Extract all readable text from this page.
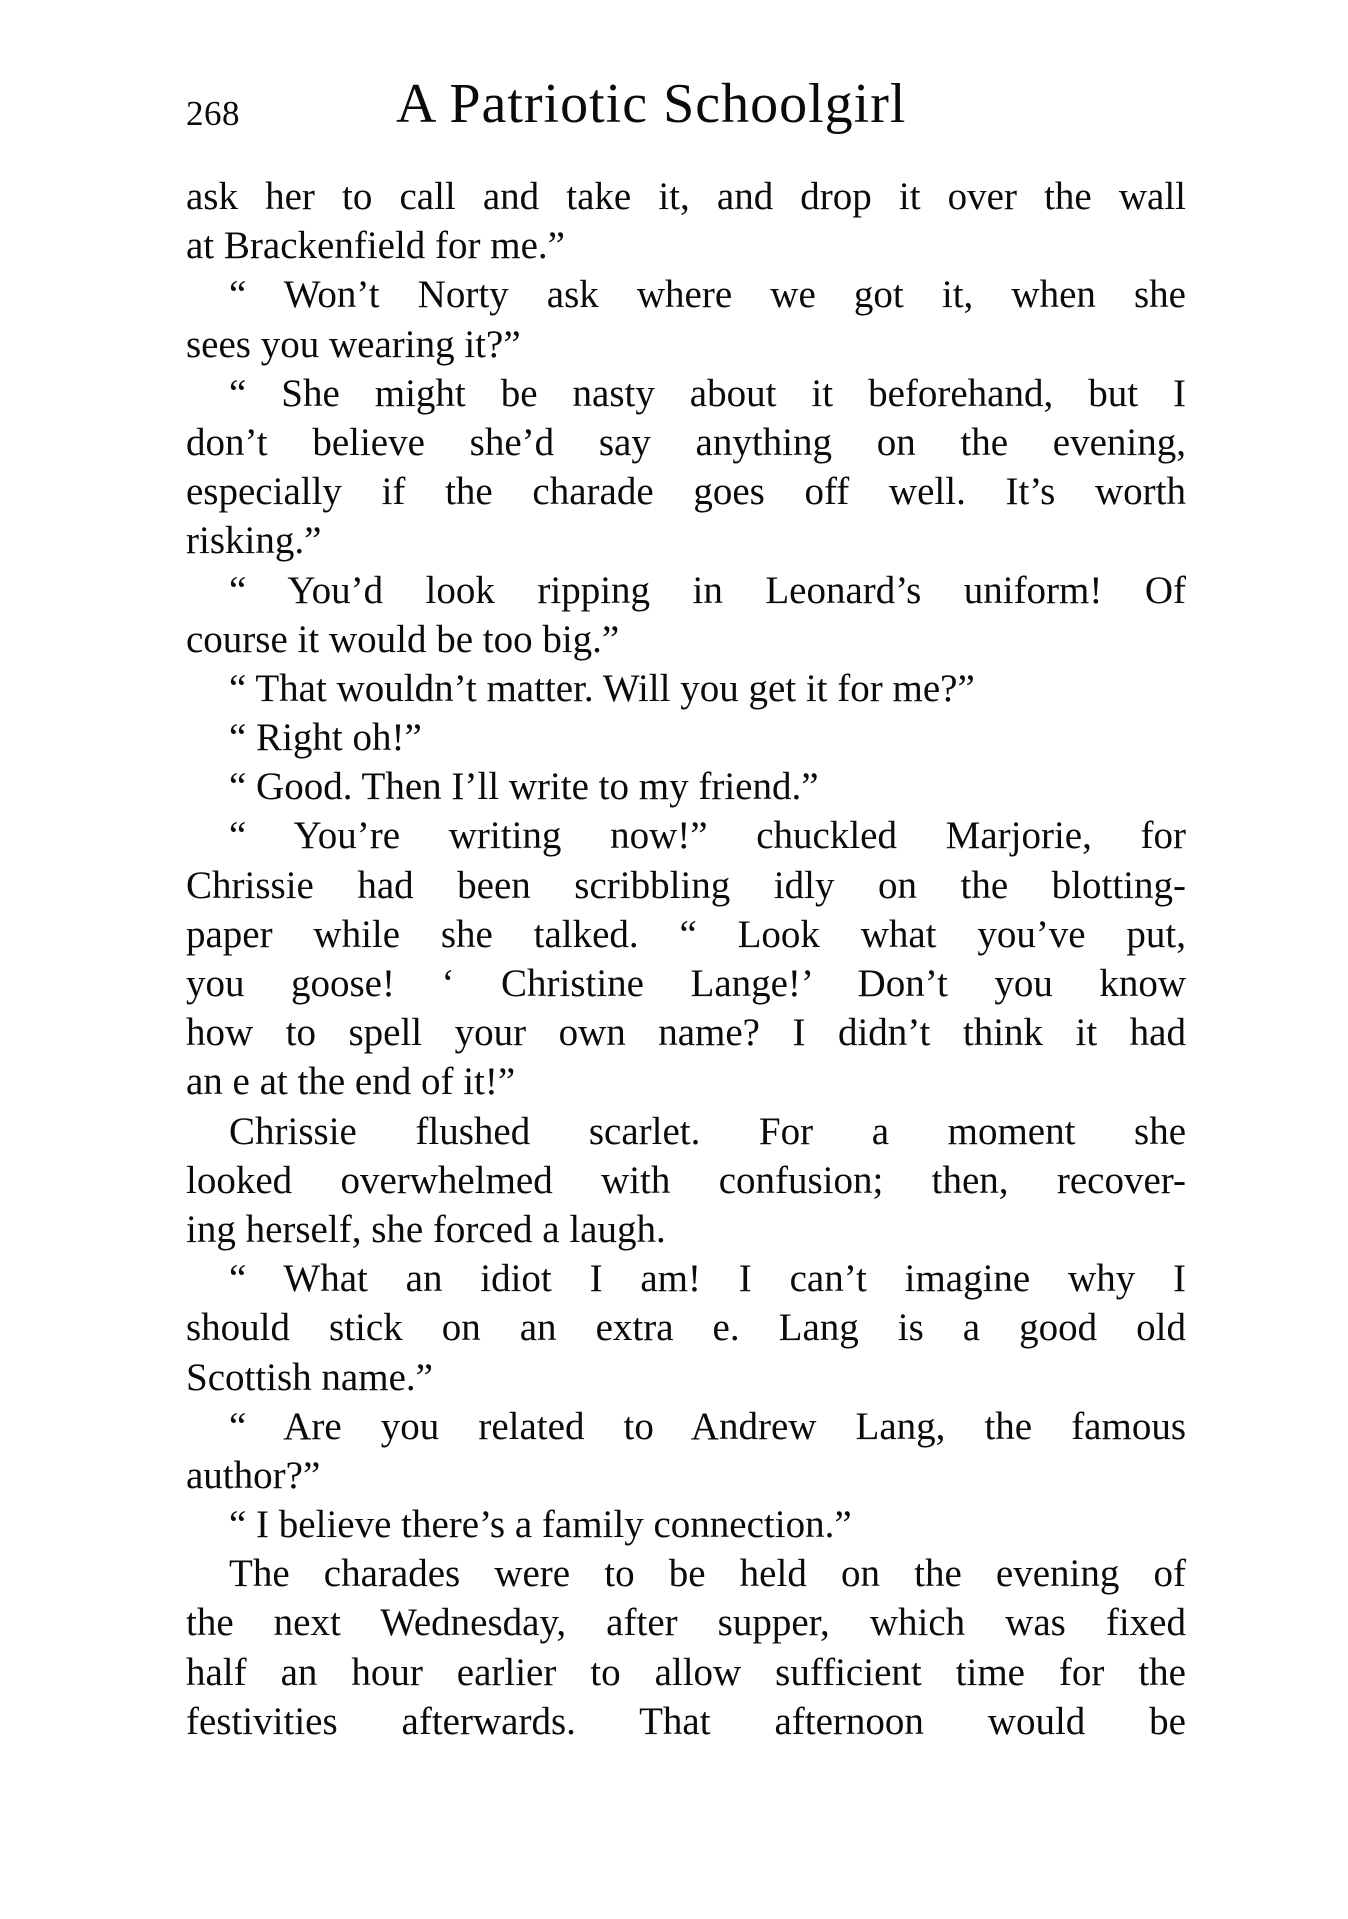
268	A Patriotic Schoolgirl
ask her to call and take it, and drop it over the wall
at Brackenfield for me.”
“ Won’t Norty ask where we got it, when she
sees you wearing it?”
“ She might be nasty about it beforehand, but I
don’t believe she’d say anything on the evening,
especially if the charade goes off well. It’s worth
risking.”
“ You’d look ripping in Leonard’s uniform! Of
course it would be too big.”
“ That wouldn’t matter. Will you get it for me?”
“ Right oh!”
“ Good. Then I’ll write to my friend.”
“ You’re writing now!” chuckled Marjorie, for
Chrissie had been scribbling idly on the blotting-
paper while she talked. “ Look what you’ve put,
you goose! ‘ Christine Lange!’ Don’t you know
how to spell your own name? I didn’t think it had
an e at the end of it!”
Chrissie flushed scarlet. For a moment she
looked overwhelmed with confusion; then, recover-
ing herself, she forced a laugh.
“ What an idiot I am! I can’t imagine why I
should stick on an extra e. Lang is a good old
Scottish name.”
“ Are you related to Andrew Lang, the famous
author?”
“ I believe there’s a family connection.”
The charades were to be held on the evening of
the next Wednesday, after supper, which was fixed
half an hour earlier to allow sufficient time for the
festivities afterwards. That afternoon would be
